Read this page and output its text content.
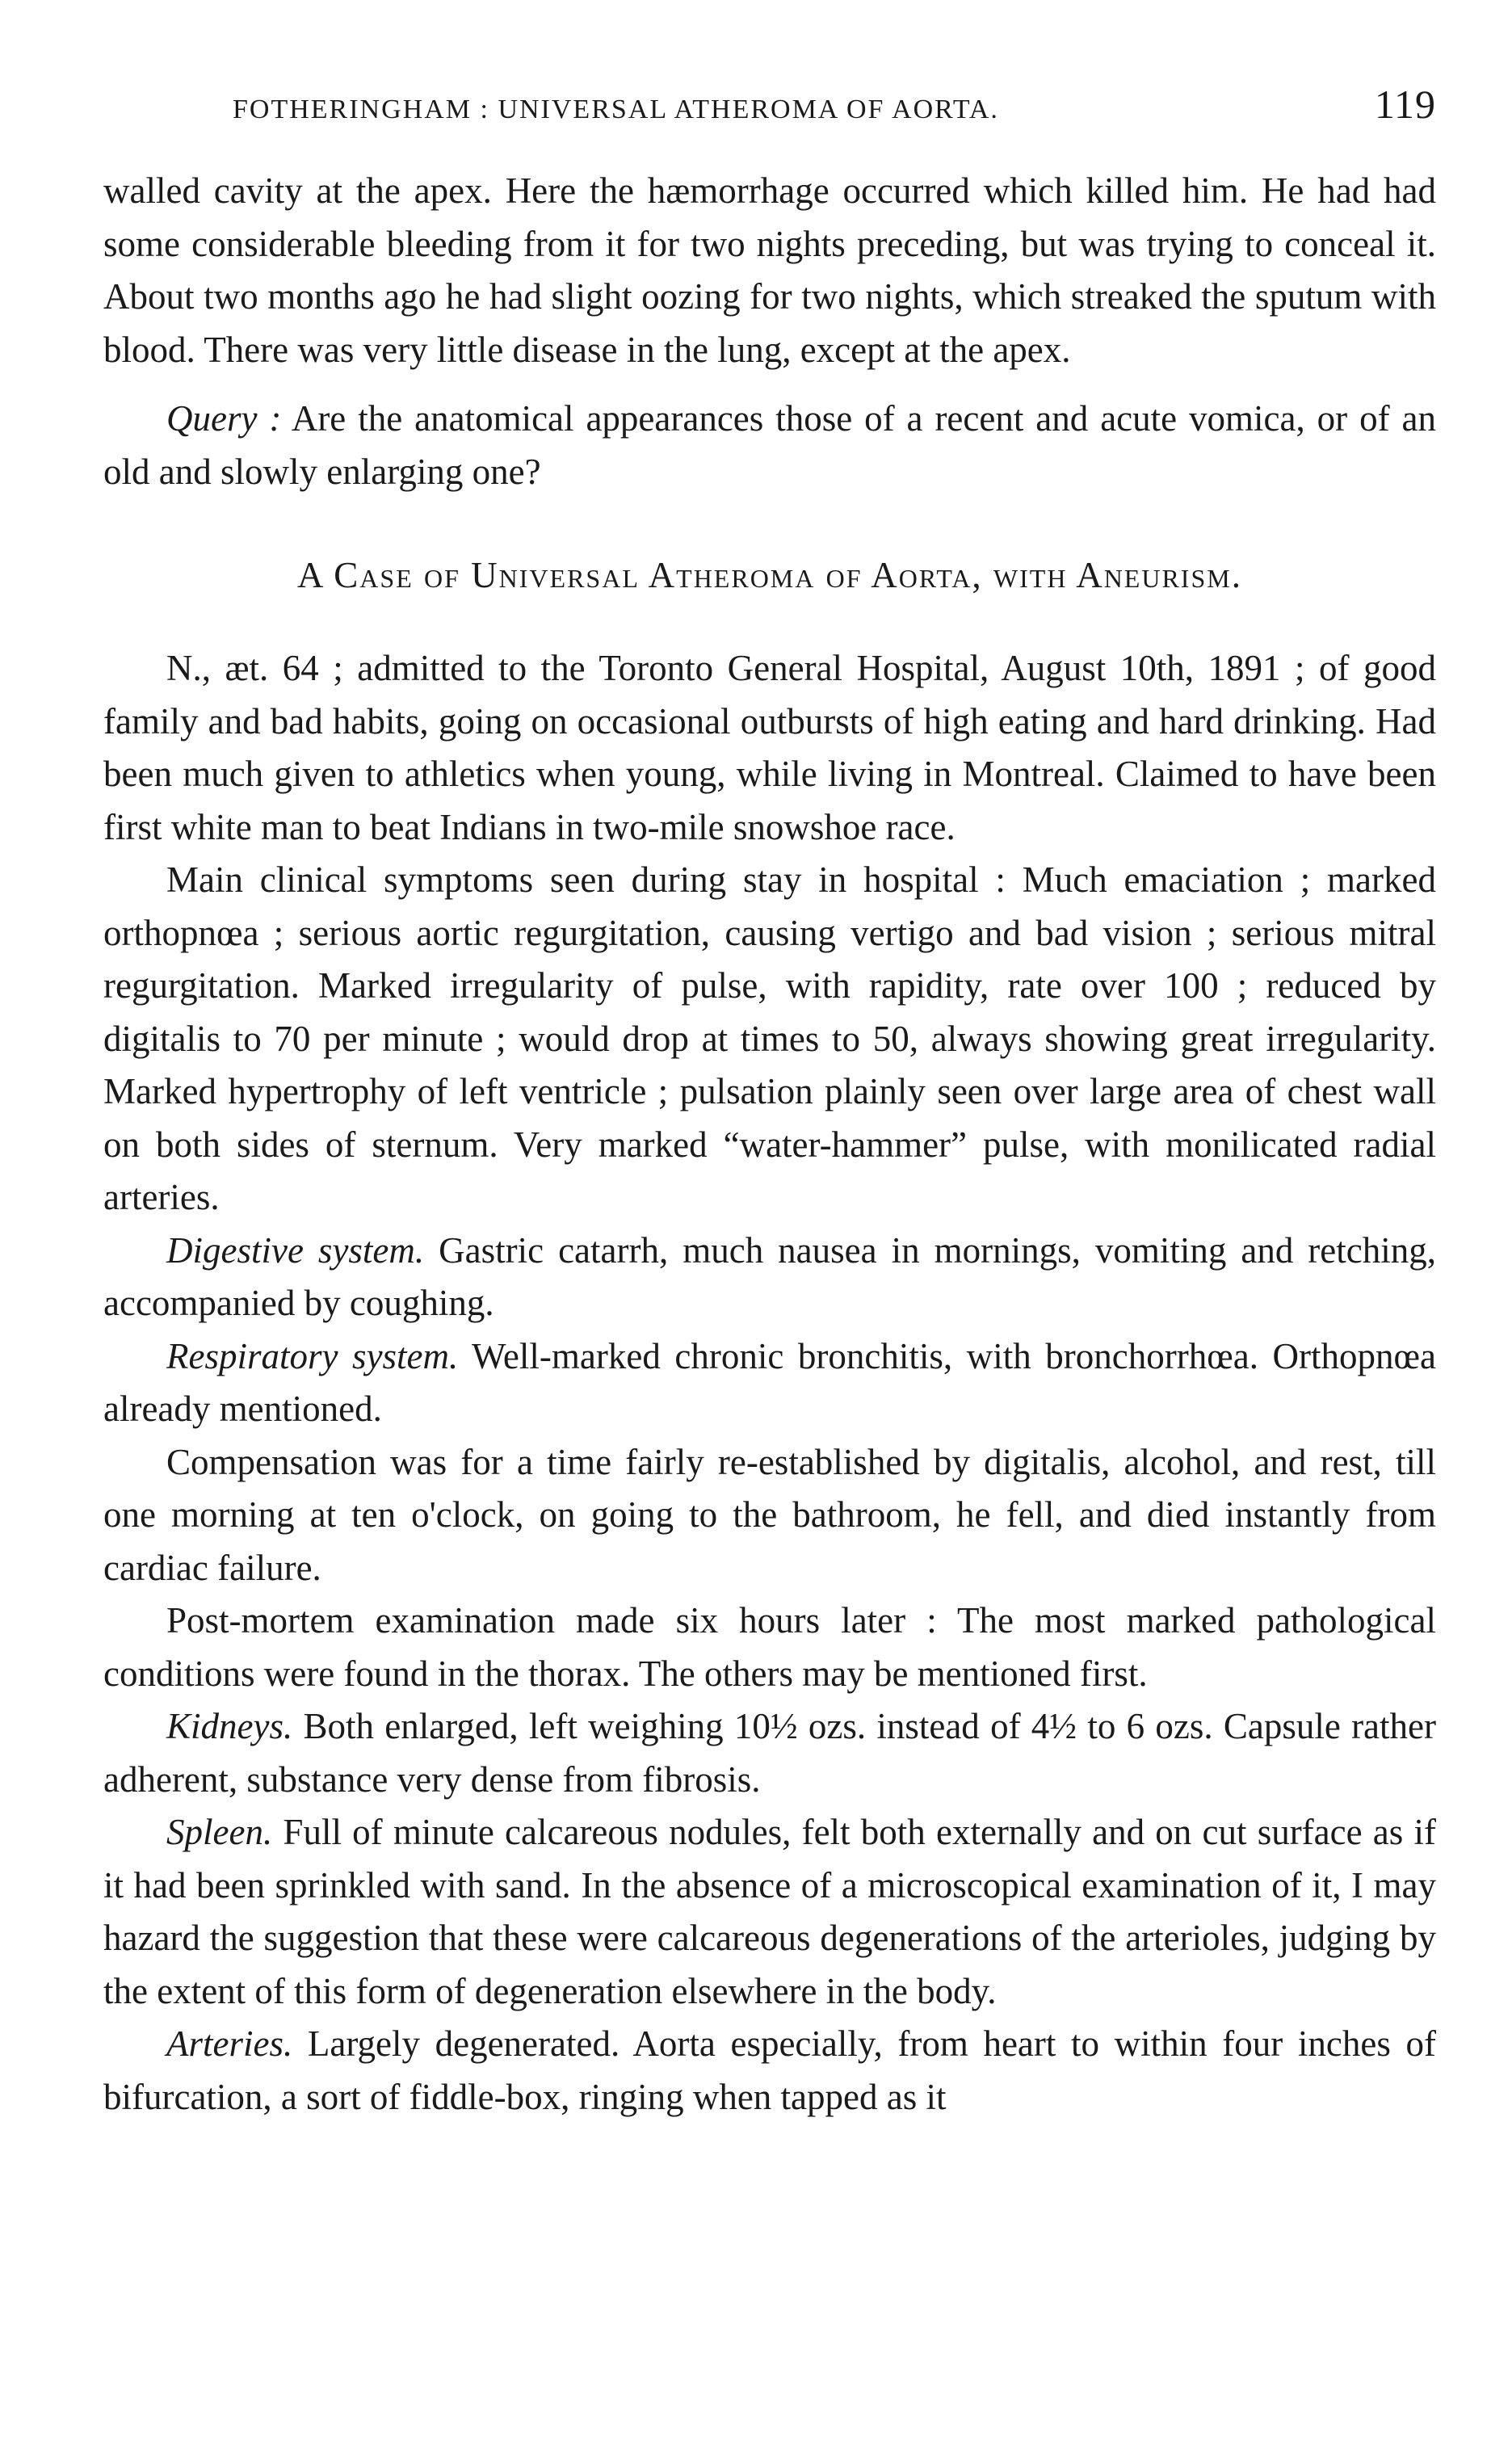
FOTHERINGHAM : UNIVERSAL ATHEROMA OF AORTA.	119

walled cavity at the apex. Here the hæmorrhage occurred which killed him. He had had some considerable bleeding from it for two nights preceding, but was trying to conceal it. About two months ago he had slight oozing for two nights, which streaked the sputum with blood. There was very little disease in the lung, except at the apex.

Query : Are the anatomical appearances those of a recent and acute vomica, or of an old and slowly enlarging one?

A Case of Universal Atheroma of Aorta, with Aneurism.

N., æt. 64 ; admitted to the Toronto General Hospital, August 10th, 1891 ; of good family and bad habits, going on occasional outbursts of high eating and hard drinking. Had been much given to athletics when young, while living in Montreal. Claimed to have been first white man to beat Indians in two-mile snowshoe race.

Main clinical symptoms seen during stay in hospital : Much emaciation ; marked orthopnœa ; serious aortic regurgitation, causing vertigo and bad vision ; serious mitral regurgitation. Marked irregularity of pulse, with rapidity, rate over 100 ; reduced by digitalis to 70 per minute ; would drop at times to 50, always showing great irregularity. Marked hypertrophy of left ventricle ; pulsation plainly seen over large area of chest wall on both sides of sternum. Very marked “water-hammer” pulse, with monilicated radial arteries.

Digestive system. Gastric catarrh, much nausea in mornings, vomiting and retching, accompanied by coughing.

Respiratory system. Well-marked chronic bronchitis, with bronchorrhœa. Orthopnœa already mentioned.

Compensation was for a time fairly re-established by digitalis, alcohol, and rest, till one morning at ten o'clock, on going to the bathroom, he fell, and died instantly from cardiac failure.

Post-mortem examination made six hours later : The most marked pathological conditions were found in the thorax. The others may be mentioned first.

Kidneys. Both enlarged, left weighing 10½ ozs. instead of 4½ to 6 ozs. Capsule rather adherent, substance very dense from fibrosis.

Spleen. Full of minute calcareous nodules, felt both externally and on cut surface as if it had been sprinkled with sand. In the absence of a microscopical examination of it, I may hazard the suggestion that these were calcareous degenerations of the arterioles, judging by the extent of this form of degeneration elsewhere in the body.

Arteries. Largely degenerated. Aorta especially, from heart to within four inches of bifurcation, a sort of fiddle-box, ringing when tapped as it
